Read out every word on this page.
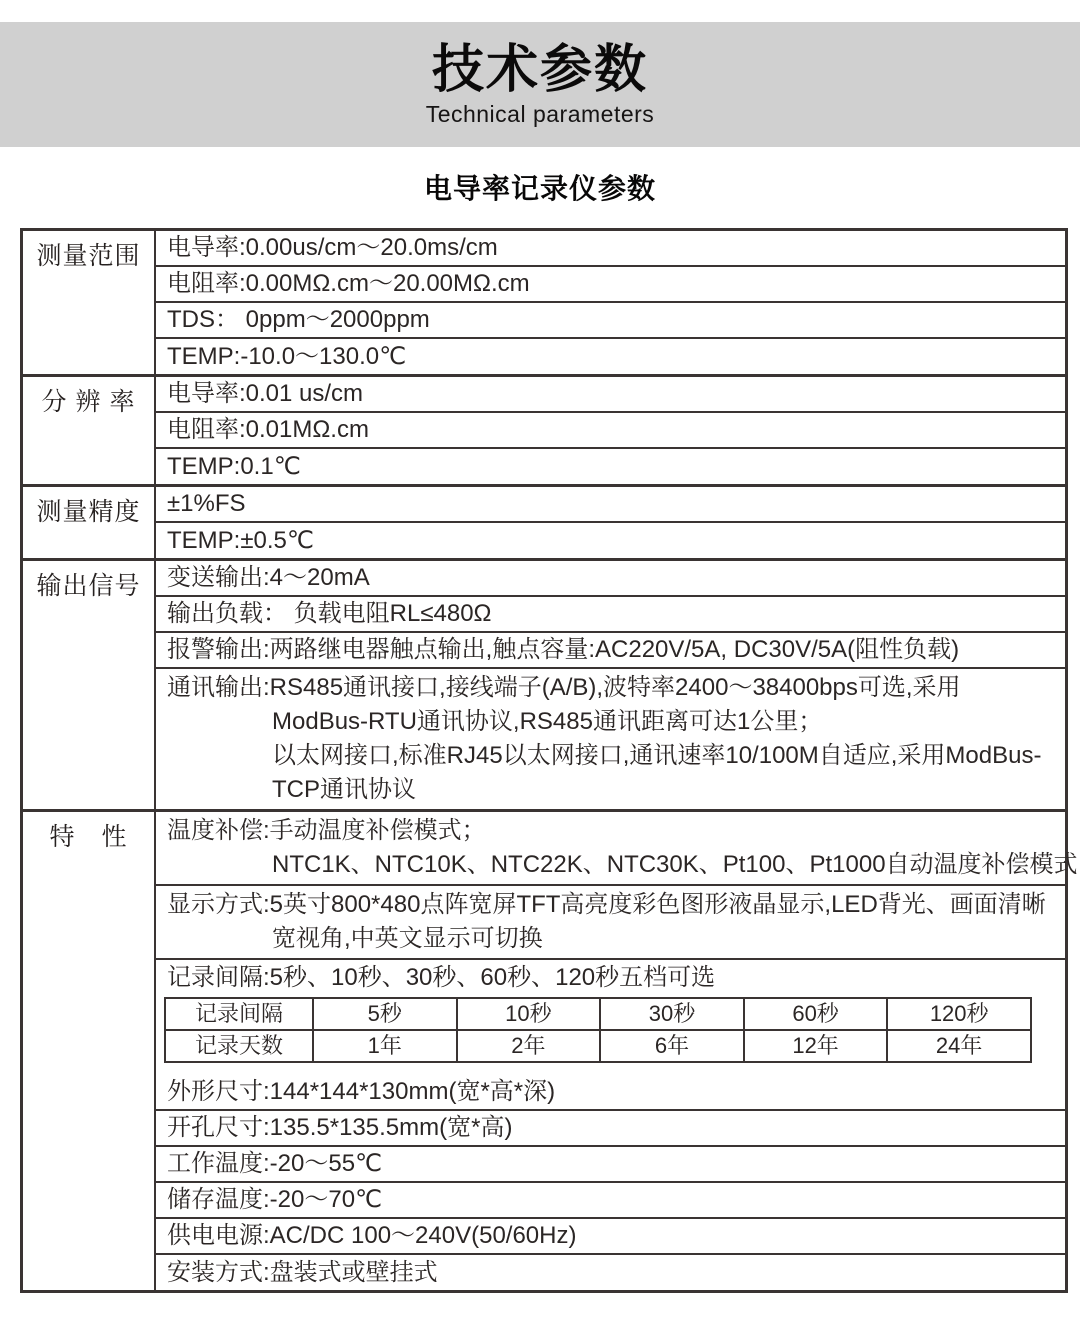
技术参数
Technical parameters
电导率记录仪参数
测量范围	电导率:0.00us/cm～20.0ms/cm
电阻率:0.00MΩ.cm～20.00MΩ.cm
TDS： 0ppm～2000ppm
TEMP:-10.0～130.0℃
分 辨 率	电导率:0.01 us/cm
电阻率:0.01MΩ.cm
TEMP:0.1℃
测量精度	±1%FS
TEMP:±0.5℃
输出信号	变送输出:4～20mA
输出负载： 负载电阻RL≤480Ω
报警输出:两路继电器触点输出,触点容量:AC220V/5A, DC30V/5A(阻性负载)
通讯输出:RS485通讯接口,接线端子(A/B),波特率2400～38400bps可选,采用
ModBus-RTU通讯协议,RS485通讯距离可达1公里；
以太网接口,标准RJ45以太网接口,通讯速率10/100M自适应,采用ModBus-
TCP通讯协议
特　性	温度补偿:手动温度补偿模式；
NTC1K、NTC10K、NTC22K、NTC30K、Pt100、Pt1000自动温度补偿模式
显示方式:5英寸800*480点阵宽屏TFT高亮度彩色图形液晶显示,LED背光、画面清晰
宽视角,中英文显示可切换
记录间隔:5秒、10秒、30秒、60秒、120秒五档可选
记录间隔	5秒	10秒	30秒	60秒	120秒
记录天数	1年	2年	6年	12年	24年
外形尺寸:144*144*130mm(宽*高*深)
开孔尺寸:135.5*135.5mm(宽*高)
工作温度:-20～55℃
储存温度:-20～70℃
供电电源:AC/DC 100～240V(50/60Hz)
安装方式:盘装式或壁挂式
